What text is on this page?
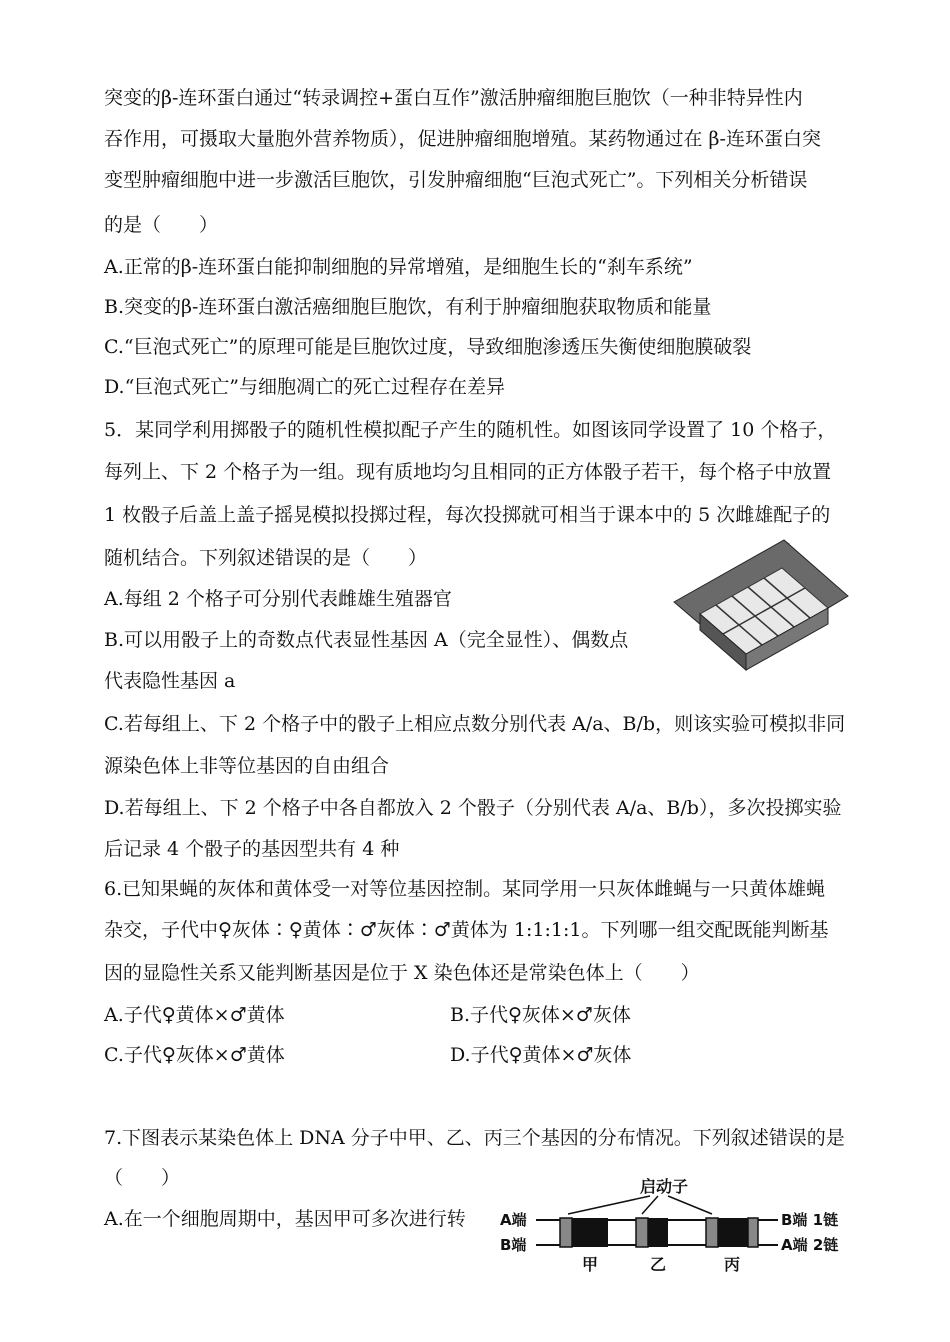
突变的β-连环蛋白通过“转录调控+蛋白互作”激活肿瘤细胞巨胞饮（一种非特异性内
吞作用，可摄取大量胞外营养物质），促进肿瘤细胞增殖。某药物通过在 β-连环蛋白突
变型肿瘤细胞中进一步激活巨胞饮，引发肿瘤细胞“巨泡式死亡”。下列相关分析错误
的是（　　）
A.正常的β-连环蛋白能抑制细胞的异常增殖，是细胞生长的“刹车系统”
B.突变的β-连环蛋白激活癌细胞巨胞饮，有利于肿瘤细胞获取物质和能量
C.“巨泡式死亡”的原理可能是巨胞饮过度，导致细胞渗透压失衡使细胞膜破裂
D.“巨泡式死亡”与细胞凋亡的死亡过程存在差异
5．某同学利用掷骰子的随机性模拟配子产生的随机性。如图该同学设置了 10 个格子，
每列上、下 2 个格子为一组。现有质地均匀且相同的正方体骰子若干，每个格子中放置
1 枚骰子后盖上盖子摇晃模拟投掷过程，每次投掷就可相当于课本中的 5 次雌雄配子的
随机结合。下列叙述错误的是（　　）
A.每组 2 个格子可分别代表雌雄生殖器官
B.可以用骰子上的奇数点代表显性基因 A（完全显性）、偶数点
代表隐性基因 a
C.若每组上、下 2 个格子中的骰子上相应点数分别代表 A/a、B/b，则该实验可模拟非同
源染色体上非等位基因的自由组合
D.若每组上、下 2 个格子中各自都放入 2 个骰子（分别代表 A/a、B/b），多次投掷实验
后记录 4 个骰子的基因型共有 4 种
6.已知果蝇的灰体和黄体受一对等位基因控制。某同学用一只灰体雌蝇与一只黄体雄蝇
杂交，子代中♀灰体∶♀黄体∶♂灰体∶♂黄体为 1:1:1:1。下列哪一组交配既能判断基
因的显隐性关系又能判断基因是位于 X 染色体还是常染色体上（　　）
A.子代♀黄体×♂黄体	B.子代♀灰体×♂灰体
C.子代♀灰体×♂黄体	D.子代♀黄体×♂灰体
7.下图表示某染色体上 DNA 分子中甲、乙、丙三个基因的分布情况。下列叙述错误的是
（　　）
A.在一个细胞周期中，基因甲可多次进行转
启动子
A端
B端
B端 1链
A端 2链
甲	乙	丙
